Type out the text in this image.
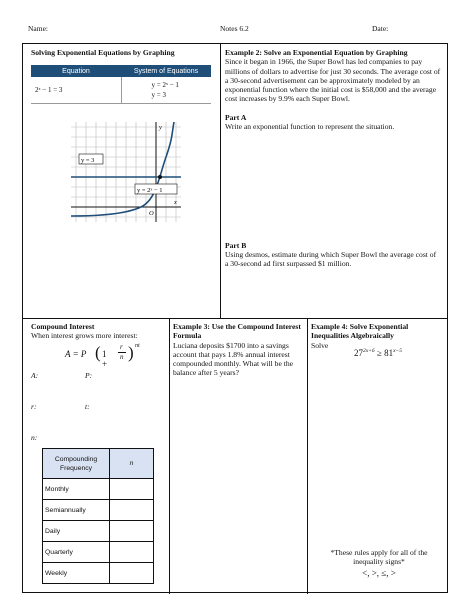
Name:	Notes 6.2	Date:
Solving Exponential Equations by Graphing
Equation	System of Equations
2ˣ − 1 = 3	y = 2ˣ − 1
y = 3
y = 3
y = 2ˣ − 1
x
y
O
Example 2: Solve an Exponential Equation by Graphing
Since it began in 1966, the Super Bowl has led companies to pay millions of dollars to advertise for just 30 seconds. The average cost of a 30-second advertisement can be approximately modeled by an exponential function where the initial cost is $58,000 and the average cost increases by 9.9% each Super Bowl.
Part A
Write an exponential function to represent the situation.
Part B
Using desmos, estimate during which Super Bowl the average cost of a 30-second ad first surpassed $1 million.
Compound Interest
When interest grows more interest:
A = P ( 1 +
r
n ) nt
A:	P:
r:	t:
n:
Compounding Frequency	n
Monthly	
Semiannually	
Daily	
Quarterly	
Weekly	
Example 3: Use the Compound Interest Formula
Luciana deposits $1700 into a savings account that pays 1.8% annual interest compounded monthly. What will be the balance after 5 years?
Example 4: Solve Exponential Inequalities Algebraically
Solve
$27^{2x+6} \ge 81^{x-5}$
*These rules apply for all of the inequality signs*
<, >, ≤, >
